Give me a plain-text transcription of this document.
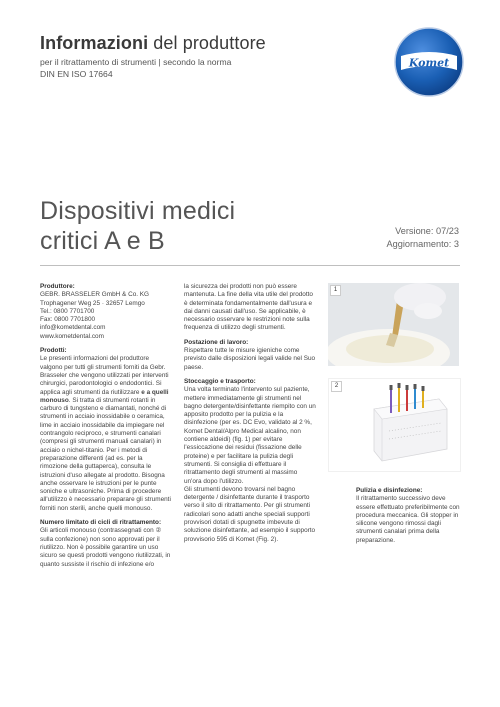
Informazioni del produttore
per il ritrattamento di strumenti | secondo la norma
DIN EN ISO 17664
Komet
Dispositivi medici
critici A e B	Versione: 07/23
Aggiornamento: 3

Produttore:
GEBR. BRASSELER GmbH & Co. KG
Trophagener Weg 25 · 32657 Lemgo
Tel.: 0800 7701700
Fax: 0800 7701800
info@kometdental.com
www.kometdental.com

Prodotti:
Le presenti informazioni del produttore valgono per tutti gli strumenti forniti da Gebr. Brasseler che vengono utilizzati per interventi chirurgici, parodontologici o endodontici. Si applica agli strumenti da riutilizzare e a quelli monouso. Si tratta di strumenti rotanti in carburo di tungsteno e diamantati, nonché di strumenti in acciaio inossidabile o ceramica, lime in acciaio inossidabile da impiegare nel contrangolo reciproco, e strumenti canalari (compresi gli strumenti manuali canalari) in acciaio o nichel-titanio. Per i metodi di preparazione differenti (ad es. per la rimozione della guttaperca), consulta le istruzioni d'uso allegate al prodotto. Bisogna anche osservare le istruzioni per le punte soniche e ultrasoniche. Prima di procedere all'utilizzo è necessario preparare gli strumenti forniti non sterili, anche quelli monouso.

Numero limitato di cicli di ritrattamento:
Gli articoli monouso (contrassegnati con ② sulla confezione) non sono approvati per il riutilizzo. Non è possibile garantire un uso sicuro se questi prodotti vengono riutilizzati, in quanto sussiste il rischio di infezione e/o

la sicurezza dei prodotti non può essere mantenuta. La fine della vita utile del prodotto è determinata fondamentalmente dall'usura e dai danni causati dall'uso. Se applicabile, è necessario osservare le restrizioni note sulla frequenza di utilizzo degli strumenti.

Postazione di lavoro:
Rispettare tutte le misure igieniche come previsto dalle disposizioni legali valide nel Suo paese.

Stoccaggio e trasporto:
Una volta terminato l'intervento sul paziente, mettere immediatamente gli strumenti nel bagno detergente/disinfettante riempito con un apposito prodotto per la pulizia e la disinfezione (per es. DC Evo, validato al 2 %, Komet Dental/Alpro Medical alcalino, non contiene aldeidi) (fig. 1) per evitare l'essiccazione dei residui (fissazione delle proteine) e per facilitare la pulizia degli strumenti. Si consiglia di effettuare il ritrattamento degli strumenti al massimo un'ora dopo l'utilizzo.
Gli strumenti devono trovarsi nel bagno detergente / disinfettante durante il trasporto verso il sito di ritrattamento. Per gli strumenti radicolari sono adatti anche speciali supporti provvisori dotati di spugnette imbevute di soluzione disinfettante, ad esempio il supporto provvisorio 595 di Komet (Fig. 2).

1
2

Pulizia e disinfezione:
Il ritrattamento successivo deve essere effettuato preferibilmente con procedura meccanica. Gli stopper in silicone vengono rimossi dagli strumenti canalari prima della preparazione.
